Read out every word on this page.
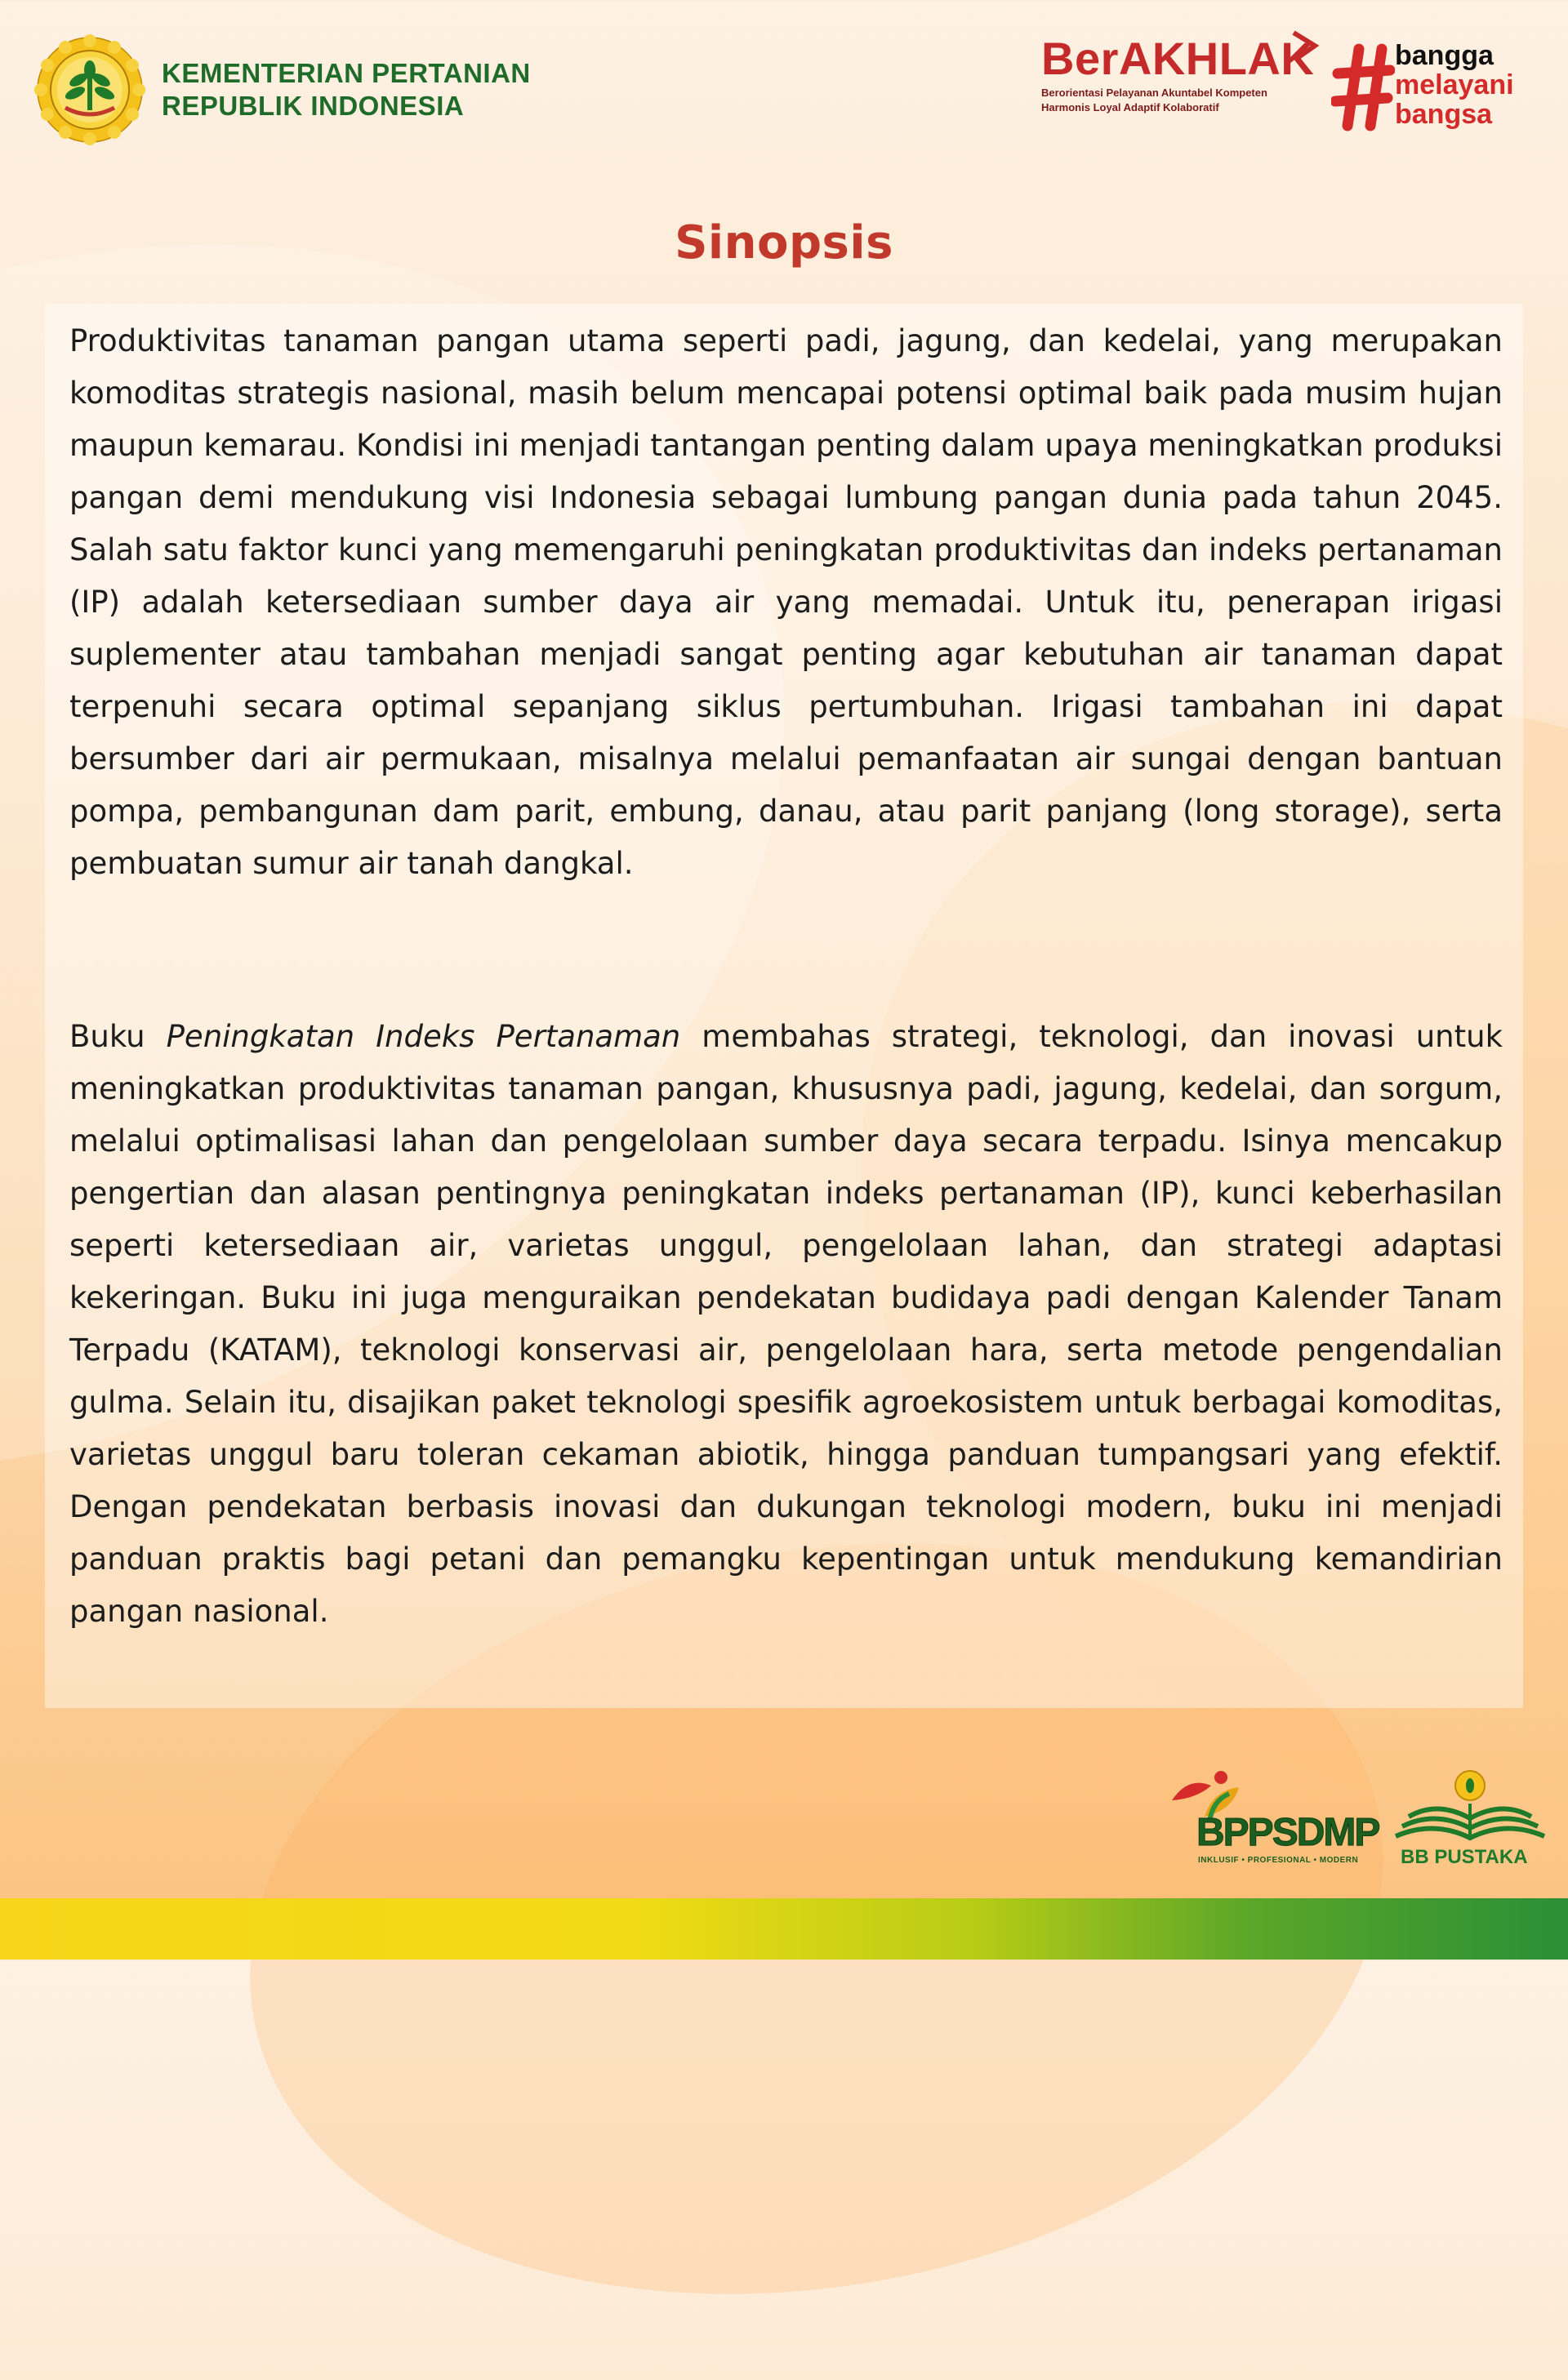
KEMENTERIAN PERTANIAN
REPUBLIK INDONESIA
BerAKHLAK
Berorientasi Pelayanan Akuntabel Kompeten
Harmonis Loyal Adaptif Kolaboratif
bangga
melayani
bangsa
Sinopsis

Produktivitas tanaman pangan utama seperti padi, jagung, dan kedelai, yang merupakan komoditas strategis nasional, masih belum mencapai potensi optimal baik pada musim hujan maupun kemarau. Kondisi ini menjadi tantangan penting dalam upaya meningkatkan produksi pangan demi mendukung visi Indonesia sebagai lumbung pangan dunia pada tahun 2045. Salah satu faktor kunci yang memengaruhi peningkatan produktivitas dan indeks pertanaman (IP) adalah ketersediaan sumber daya air yang memadai. Untuk itu, penerapan irigasi suplementer atau tambahan menjadi sangat penting agar kebutuhan air tanaman dapat terpenuhi secara optimal sepanjang siklus pertumbuhan. Irigasi tambahan ini dapat bersumber dari air permukaan, misalnya melalui pemanfaatan air sungai dengan bantuan pompa, pembangunan dam parit, embung, danau, atau parit panjang (long storage), serta pembuatan sumur air tanah dangkal.

Buku Peningkatan Indeks Pertanaman membahas strategi, teknologi, dan inovasi untuk meningkatkan produktivitas tanaman pangan, khususnya padi, jagung, kedelai, dan sorgum, melalui optimalisasi lahan dan pengelolaan sumber daya secara terpadu. Isinya mencakup pengertian dan alasan pentingnya peningkatan indeks pertanaman (IP), kunci keberhasilan seperti ketersediaan air, varietas unggul, pengelolaan lahan, dan strategi adaptasi kekeringan. Buku ini juga menguraikan pendekatan budidaya padi dengan Kalender Tanam Terpadu (KATAM), teknologi konservasi air, pengelolaan hara, serta metode pengendalian gulma. Selain itu, disajikan paket teknologi spesifik agroekosistem untuk berbagai komoditas, varietas unggul baru toleran cekaman abiotik, hingga panduan tumpangsari yang efektif. Dengan pendekatan berbasis inovasi dan dukungan teknologi modern, buku ini menjadi panduan praktis bagi petani dan pemangku kepentingan untuk mendukung kemandirian pangan nasional.

BPPSDMP
INKLUSIF • PROFESIONAL • MODERN BB PUSTAKA
